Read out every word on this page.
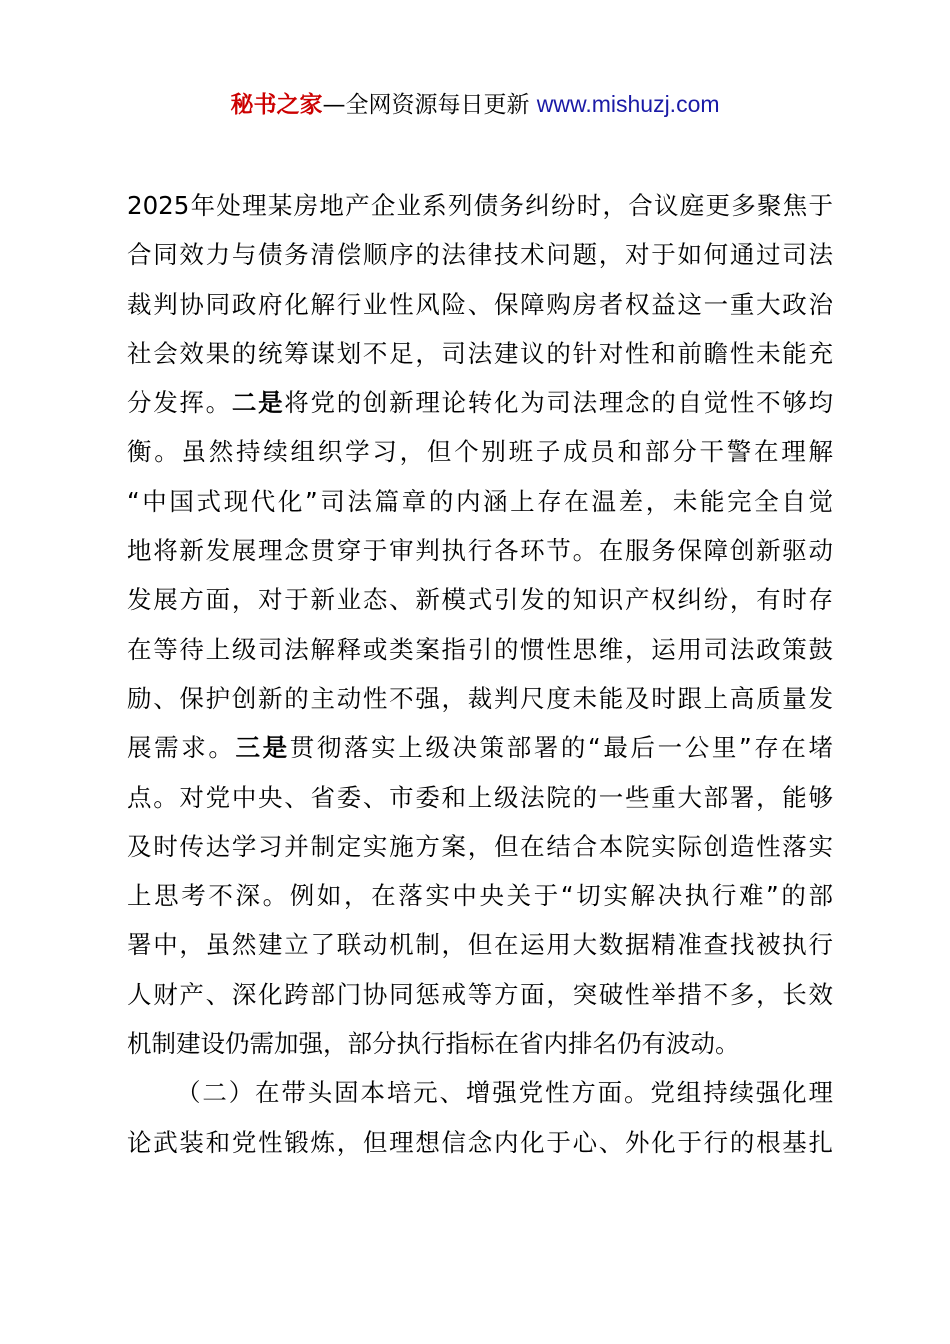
秘书之家—全网资源每日更新 www.mishuzj.com
2025年处理某房地产企业系列债务纠纷时，合议庭更多聚焦于
合同效力与债务清偿顺序的法律技术问题，对于如何通过司法
裁判协同政府化解行业性风险、保障购房者权益这一重大政治
社会效果的统筹谋划不足，司法建议的针对性和前瞻性未能充
分发挥。二是将党的创新理论转化为司法理念的自觉性不够均
衡。虽然持续组织学习，但个别班子成员和部分干警在理解
“中国式现代化”司法篇章的内涵上存在温差，未能完全自觉
地将新发展理念贯穿于审判执行各环节。在服务保障创新驱动
发展方面，对于新业态、新模式引发的知识产权纠纷，有时存
在等待上级司法解释或类案指引的惯性思维，运用司法政策鼓
励、保护创新的主动性不强，裁判尺度未能及时跟上高质量发
展需求。三是贯彻落实上级决策部署的“最后一公里”存在堵
点。对党中央、省委、市委和上级法院的一些重大部署，能够
及时传达学习并制定实施方案，但在结合本院实际创造性落实
上思考不深。例如，在落实中央关于“切实解决执行难”的部
署中，虽然建立了联动机制，但在运用大数据精准查找被执行
人财产、深化跨部门协同惩戒等方面，突破性举措不多，长效
机制建设仍需加强，部分执行指标在省内排名仍有波动。
（二）在带头固本培元、增强党性方面。党组持续强化理
论武装和党性锻炼，但理想信念内化于心、外化于行的根基扎
